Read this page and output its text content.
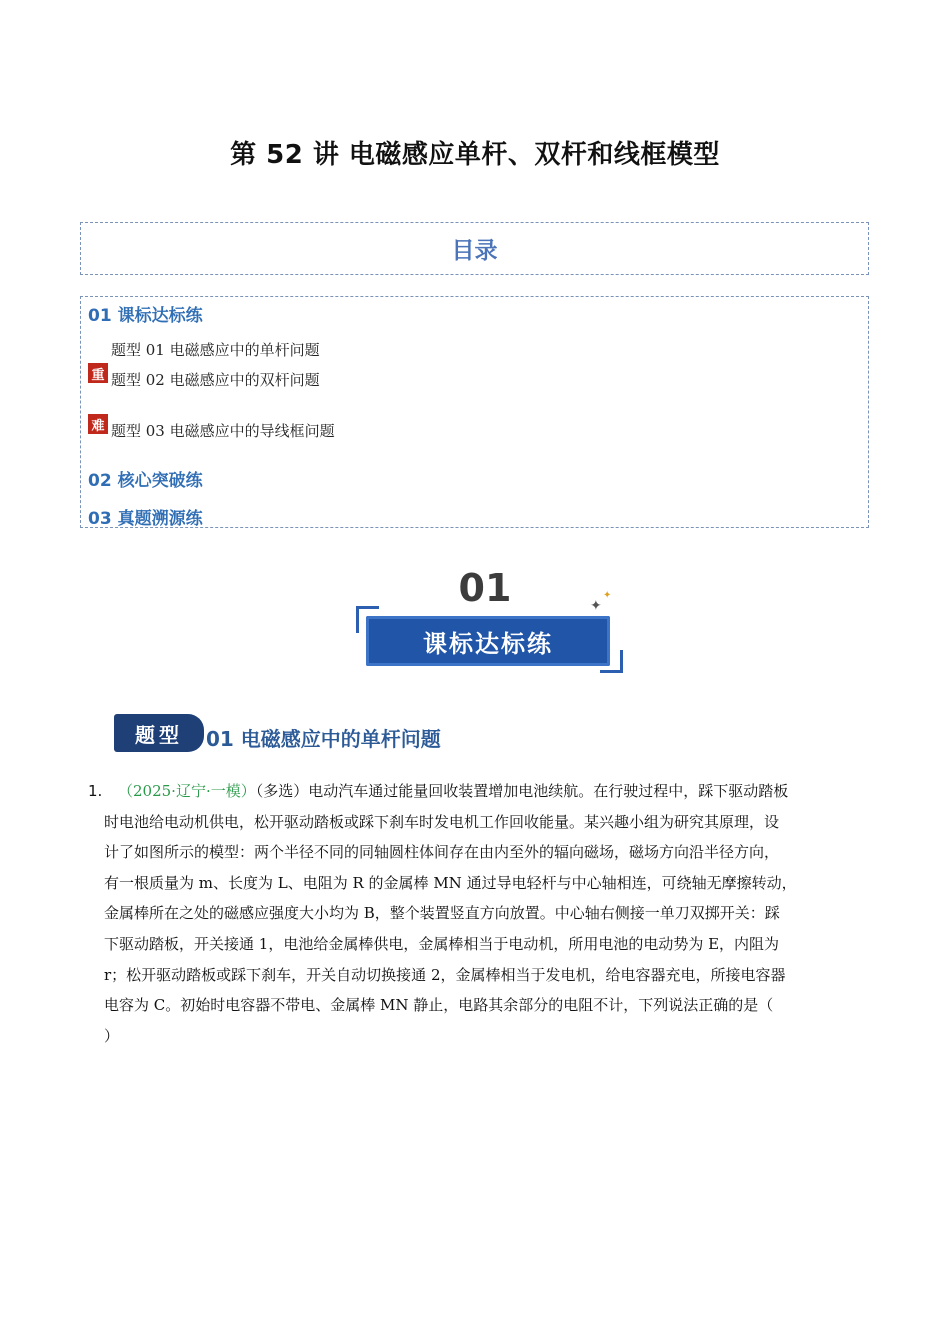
第 52 讲 电磁感应单杆、双杆和线框模型
目录
01 课标达标练
题型 01 电磁感应中的单杆问题
重 题型 02 电磁感应中的双杆问题
难 题型 03 电磁感应中的导线框问题
02 核心突破练
03 真题溯源练
01
课标达标练
✦
✦
题型 01 电磁感应中的单杆问题
1. （2025·辽宁·一模）（多选）电动汽车通过能量回收装置增加电池续航。在行驶过程中，踩下驱动踏板
时电池给电动机供电，松开驱动踏板或踩下刹车时发电机工作回收能量。某兴趣小组为研究其原理，设
计了如图所示的模型：两个半径不同的同轴圆柱体间存在由内至外的辐向磁场，磁场方向沿半径方向，
有一根质量为 m、长度为 L、电阻为 R 的金属棒 MN 通过导电轻杆与中心轴相连，可绕轴无摩擦转动，
金属棒所在之处的磁感应强度大小均为 B，整个装置竖直方向放置。中心轴右侧接一单刀双掷开关：踩
下驱动踏板，开关接通 1，电池给金属棒供电，金属棒相当于电动机，所用电池的电动势为 E，内阻为
r；松开驱动踏板或踩下刹车，开关自动切换接通 2，金属棒相当于发电机，给电容器充电，所接电容器
电容为 C。初始时电容器不带电、金属棒 MN 静止，电路其余部分的电阻不计，下列说法正确的是（
）
